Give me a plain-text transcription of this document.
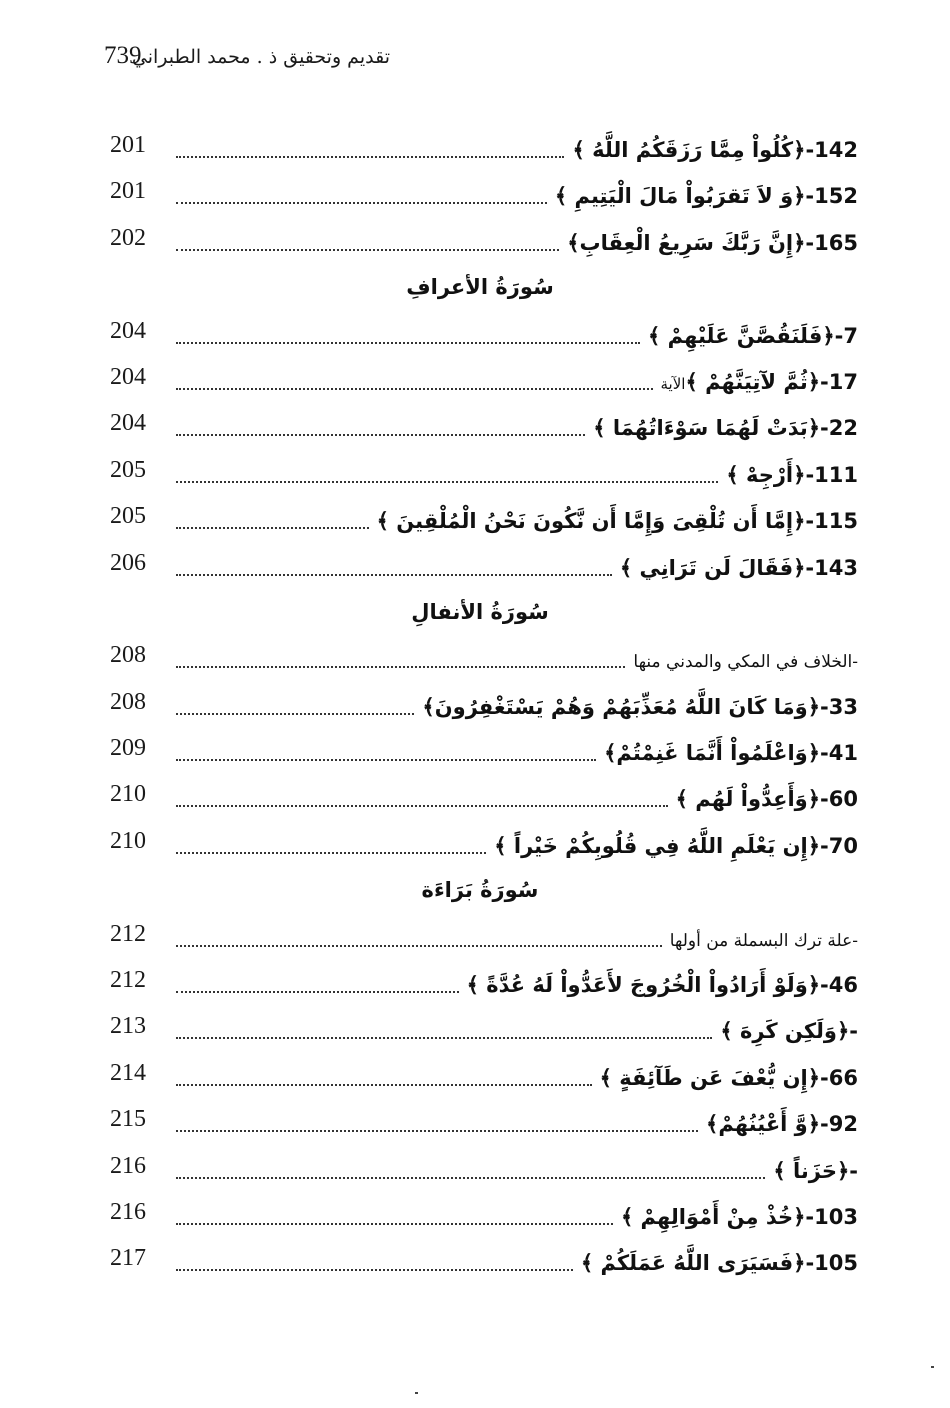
739
تقديم وتحقيق ذ . محمد الطبراني
201	142-﴿كُلُواْ مِمَّا رَزَقَكُمُ اللَّهُ ﴾
201	152-﴿وَ لاَ تَقرَبُواْ مَالَ الْيَتِيمِ ﴾
202	165-﴿إِنَّ رَبَّكَ سَرِيعُ الْعِقَابِ﴾
سُورَةُ الأعرافِ
204	7-﴿فَلَنَقُصَّنَّ عَلَيْهِمْ ﴾
204	17-﴿ثُمَّ لآتِيَنَّهُمْ ﴾الآية
204	22-﴿بَدَتْ لَهُمَا سَوْءَاتُهُمَا ﴾
205	111-﴿أَرْجِهْ ﴾
205	115-﴿إِمَّا أَن تُلْقِىَ وَإِمَّا أَن نَّكُونَ نَحْنُ الْمُلْقِينَ ﴾
206	143-﴿فَقَالَ لَن تَرَانِي ﴾
سُورَةُ الأنفالِ
208	-الخلاف في المكي والمدني منها
208	33-﴿وَمَا كَانَ اللَّهُ مُعَذِّبَهُمْ وَهُمْ يَسْتَغْفِرُونَ﴾
209	41-﴿وَاعْلَمُواْ أَنَّمَا غَنِمْتُمْ﴾
210	60-﴿وَأَعِدُّواْ لَهُم ﴾
210	70-﴿إِن يَعْلَمِ اللَّهُ فِي قُلُوبِكُمْ خَيْراً ﴾
سُورَةُ بَرَاءَة
212	-علة ترك البسملة من أولها
212	46-﴿وَلَوْ أَرَادُواْ الْخُرُوجَ لأَعَدُّواْ لَهُ عُدَّةً ﴾
213	-﴿وَلَكِن كَرِهَ ﴾
214	66-﴿إِن يُّعْفَ عَن طَآئِفَةٍ ﴾
215	92-﴿وَّ أَعْيُنُهُمْ﴾
216	-﴿حَزَناً ﴾
216	103-﴿خُذْ مِنْ أَمْوَالِهِمْ ﴾
217	105-﴿فَسَيَرَى اللَّهُ عَمَلَكُمْ ﴾
